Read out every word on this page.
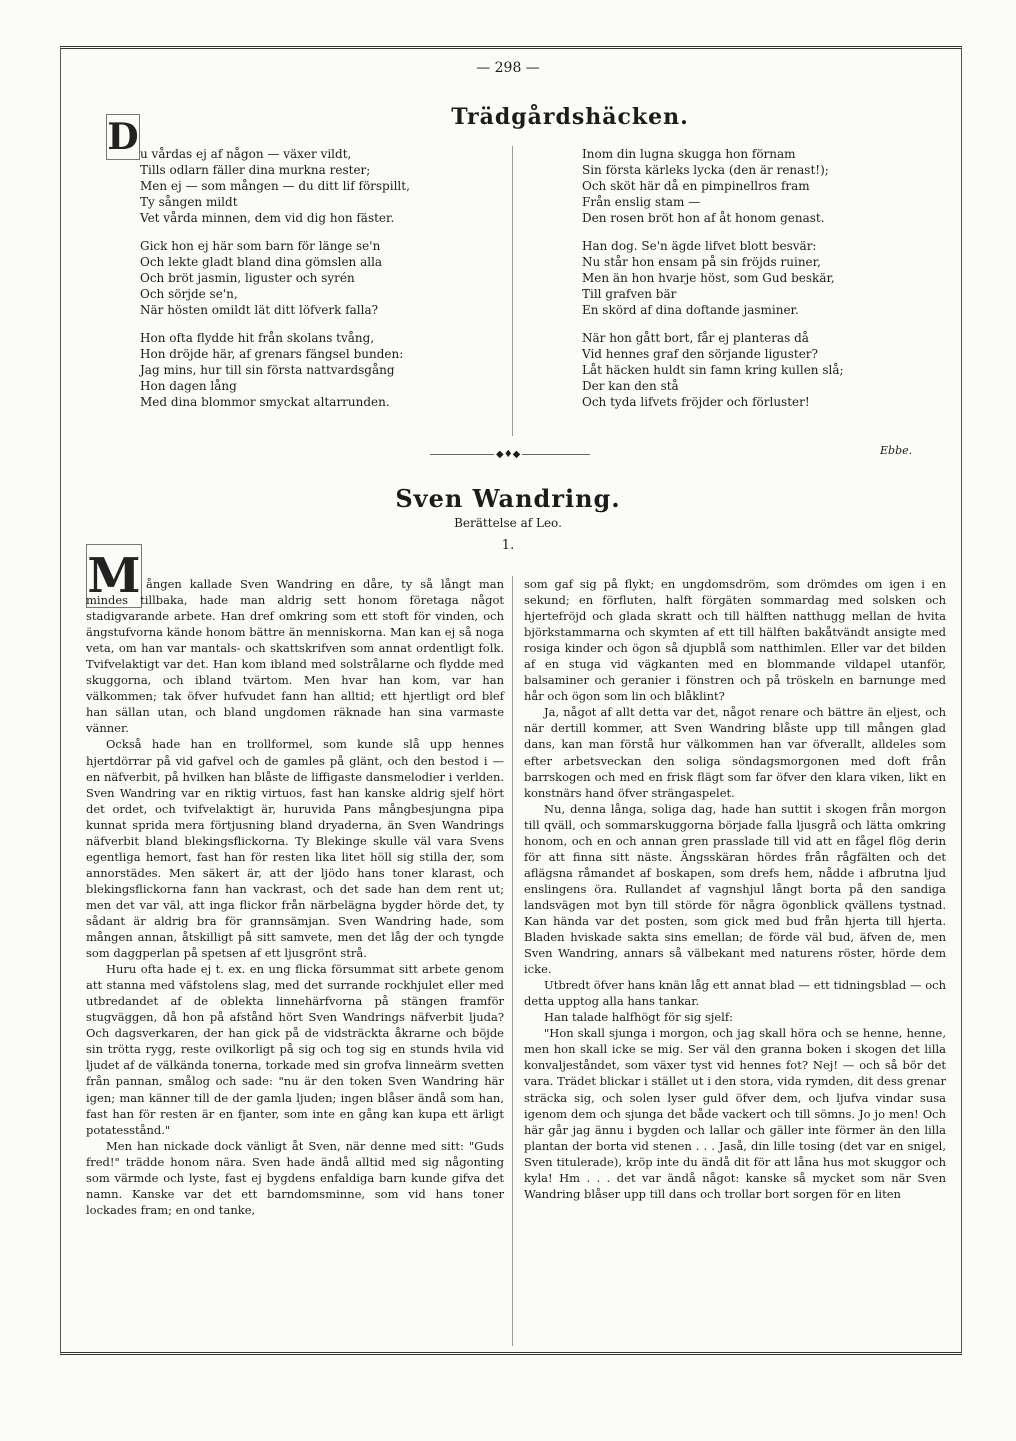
— 298 —
Trädgårdshäcken.
D u vårdas ej af någon — växer vildt,
Tills odlarn fäller dina murkna rester;
Men ej — som mången — du ditt lif förspillt,
Ty sången mildt
Vet vårda minnen, dem vid dig hon fäster.
Gick hon ej här som barn för länge se'n
Och lekte gladt bland dina gömslen alla
Och bröt jasmin, liguster och syrén
Och sörjde se'n,
När hösten omildt lät ditt löfverk falla?
Hon ofta flydde hit från skolans tvång,
Hon dröjde här, af grenars fängsel bunden:
Jag mins, hur till sin första nattvardsgång
Hon dagen lång
Med dina blommor smyckat altarrunden.
Inom din lugna skugga hon förnam
Sin första kärleks lycka (den är renast!);
Och sköt här då en pimpinellros fram
Från enslig stam —
Den rosen bröt hon af åt honom genast.
Han dog. Se'n ägde lifvet blott besvär:
Nu står hon ensam på sin fröjds ruiner,
Men än hon hvarje höst, som Gud beskär,
Till grafven bär
En skörd af dina doftande jasminer.
När hon gått bort, får ej planteras då
Vid hennes graf den sörjande liguster?
Låt häcken huldt sin famn kring kullen slå;
Der kan den stå
Och tyda lifvets fröjder och förluster!
◆♦◆	Ebbe.
Sven Wandring.
Berättelse af Leo.
1.
M ången kallade Sven Wandring en dåre, ty så långt man mindes tillbaka, hade man aldrig sett honom företaga något stadigvarande arbete. Han dref omkring som ett stoft för vinden, och ängstufvorna kände honom bättre än menniskorna. Man kan ej så noga veta, om han var mantals- och skattskrifven som annat ordentligt folk. Tvifvelaktigt var det. Han kom ibland med solstrålarne och flydde med skuggorna, och ibland tvärtom. Men hvar han kom, var han välkommen; tak öfver hufvudet fann han alltid; ett hjertligt ord blef han sällan utan, och bland ungdomen räknade han sina varmaste vänner.

Också hade han en trollformel, som kunde slå upp hennes hjertdörrar på vid gafvel och de gamles på glänt, och den bestod i — en näfverbit, på hvilken han blåste de liffigaste dansmelodier i verlden. Sven Wandring var en riktig virtuos, fast han kanske aldrig sjelf hört det ordet, och tvifvelaktigt är, huruvida Pans mångbesjungna pipa kunnat sprida mera förtjusning bland dryaderna, än Sven Wandrings näfverbit bland blekingsflickorna. Ty Blekinge skulle väl vara Svens egentliga hemort, fast han för resten lika litet höll sig stilla der, som annorstädes. Men säkert är, att der ljödo hans toner klarast, och blekingsflickorna fann han vackrast, och det sade han dem rent ut; men det var väl, att inga flickor från närbelägna bygder hörde det, ty sådant är aldrig bra för grannsämjan. Sven Wandring hade, som mången annan, åtskilligt på sitt samvete, men det låg der och tyngde som daggperlan på spetsen af ett ljusgrönt strå.

Huru ofta hade ej t. ex. en ung flicka försummat sitt arbete genom att stanna med väfstolens slag, med det surrande rockhjulet eller med utbredandet af de oblekta linnehärfvorna på stängen framför stugväggen, då hon på afstånd hört Sven Wandrings näfverbit ljuda? Och dagsverkaren, der han gick på de vidsträckta åkrarne och böjde sin trötta rygg, reste ovilkorligt på sig och tog sig en stunds hvila vid ljudet af de välkända tonerna, torkade med sin grofva linneärm svetten från pannan, smålog och sade: "nu är den token Sven Wandring här igen; man känner till de der gamla ljuden; ingen blåser ändå som han, fast han för resten är en fjanter, som inte en gång kan kupa ett ärligt potatesstånd."

Men han nickade dock vänligt åt Sven, när denne med sitt: "Guds fred!" trädde honom nära. Sven hade ändå alltid med sig någonting som värmde och lyste, fast ej bygdens enfaldiga barn kunde gifva det namn. Kanske var det ett barndomsminne, som vid hans toner lockades fram; en ond tanke,

som gaf sig på flykt; en ungdomsdröm, som drömdes om igen i en sekund; en förfluten, halft förgäten sommardag med solsken och hjertefröjd och glada skratt och till hälften natthugg mellan de hvita björkstammarna och skymten af ett till hälften bakåtvändt ansigte med rosiga kinder och ögon så djupblå som natthimlen. Eller var det bilden af en stuga vid vägkanten med en blommande vildapel utanför, balsaminer och geranier i fönstren och på tröskeln en barnunge med hår och ögon som lin och blåklint?

Ja, något af allt detta var det, något renare och bättre än eljest, och när dertill kommer, att Sven Wandring blåste upp till mången glad dans, kan man förstå hur välkommen han var öfverallt, alldeles som efter arbetsveckan den soliga söndagsmorgonen med doft från barrskogen och med en frisk flägt som far öfver den klara viken, likt en konstnärs hand öfver strängaspelet.

Nu, denna långa, soliga dag, hade han suttit i skogen från morgon till qväll, och sommarskuggorna började falla ljusgrå och lätta omkring honom, och en och annan gren prasslade till vid att en fågel flög derin för att finna sitt näste. Ängsskäran hördes från rågfälten och det aflägsna råmandet af boskapen, som drefs hem, nådde i afbrutna ljud enslingens öra. Rullandet af vagnshjul långt borta på den sandiga landsvägen mot byn till störde för några ögonblick qvällens tystnad. Kan hända var det posten, som gick med bud från hjerta till hjerta. Bladen hviskade sakta sins emellan; de förde väl bud, äfven de, men Sven Wandring, annars så välbekant med naturens röster, hörde dem icke.

Utbredt öfver hans knän låg ett annat blad — ett tidningsblad — och detta upptog alla hans tankar.

Han talade halfhögt för sig sjelf:

"Hon skall sjunga i morgon, och jag skall höra och se henne, henne, men hon skall icke se mig. Ser väl den granna boken i skogen det lilla konvaljeståndet, som växer tyst vid hennes fot? Nej! — och så bör det vara. Trädet blickar i stället ut i den stora, vida rymden, dit dess grenar sträcka sig, och solen lyser guld öfver dem, och ljufva vindar susa igenom dem och sjunga det både vackert och till sömns. Jo jo men! Och här går jag ännu i bygden och lallar och gäller inte förmer än den lilla plantan der borta vid stenen . . . Jaså, din lille tosing (det var en snigel, Sven titulerade), kröp inte du ändå dit för att låna hus mot skuggor och kyla! Hm . . . det var ändå något: kanske så mycket som när Sven Wandring blåser upp till dans och trollar bort sorgen för en liten
